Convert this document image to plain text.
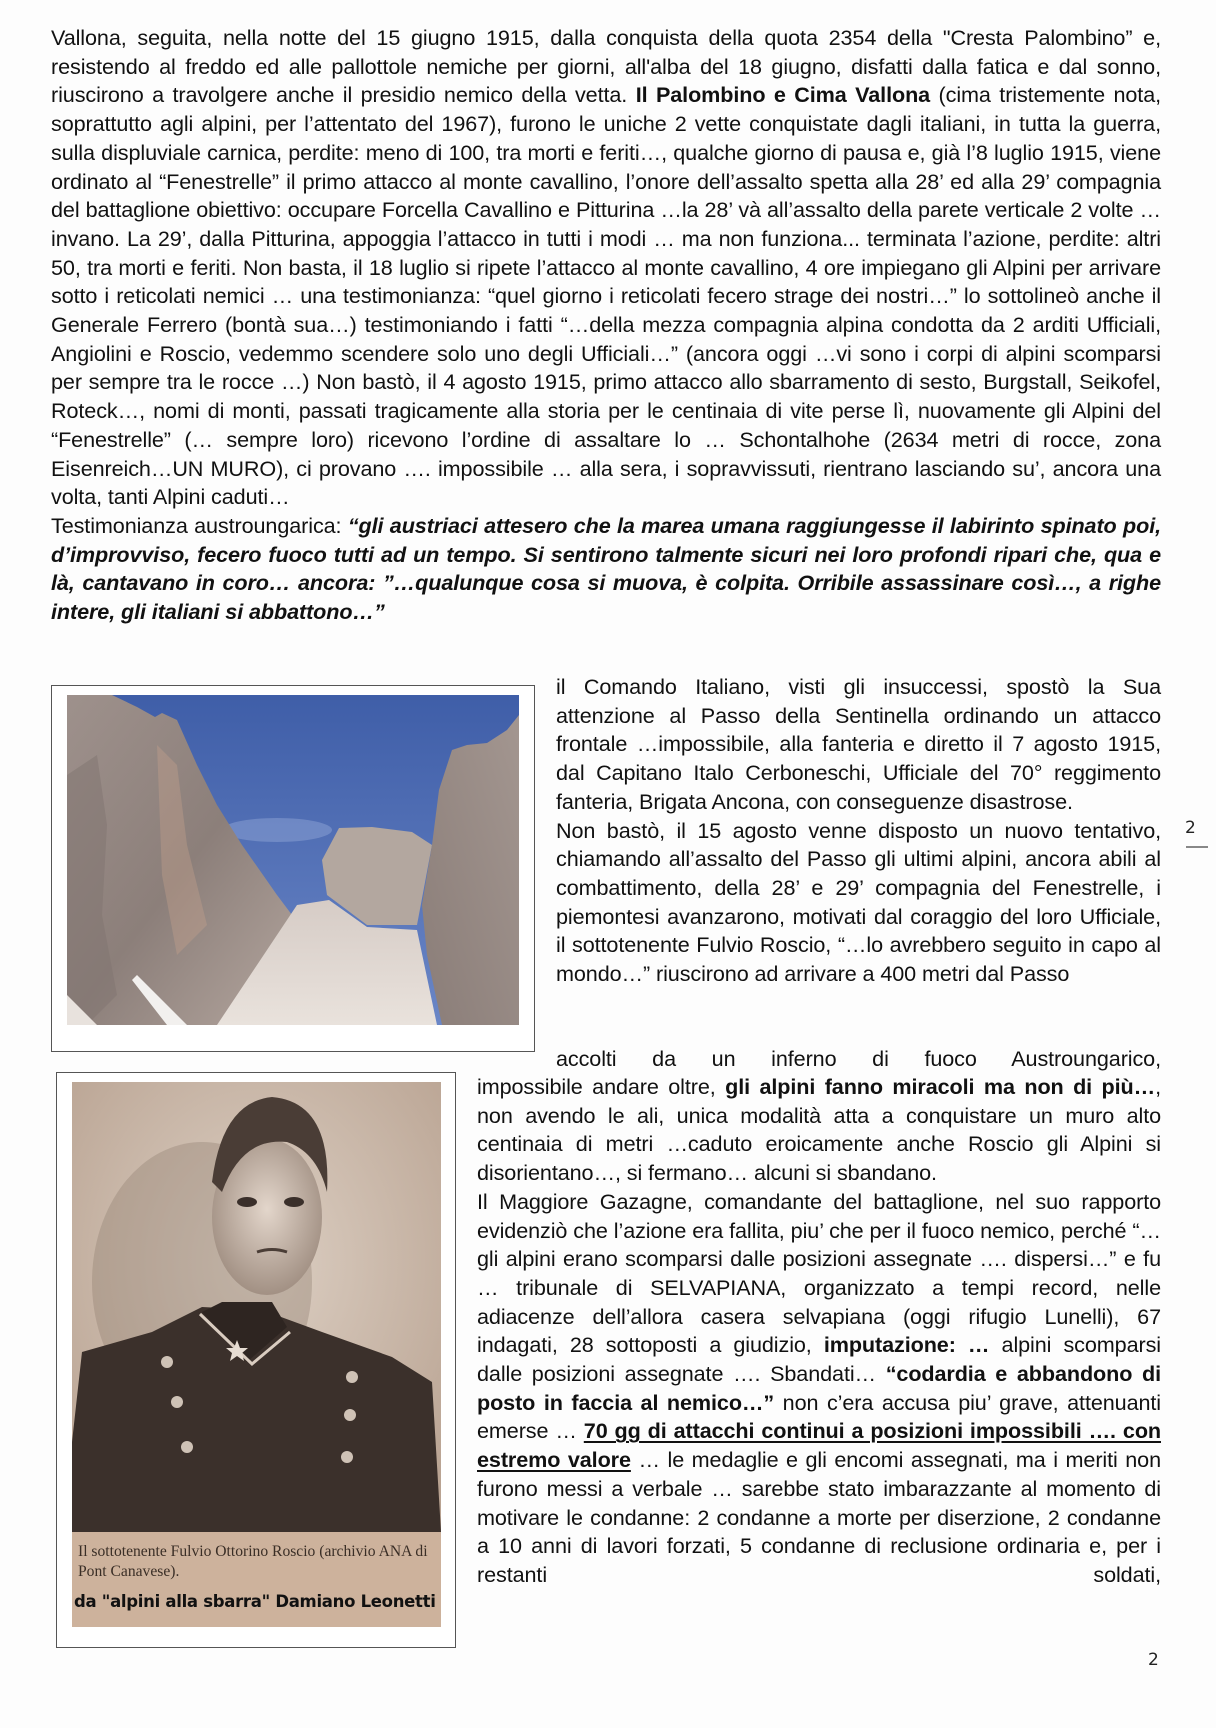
Vallona, seguita, nella notte del 15 giugno 1915, dalla conquista della quota 2354 della "Cresta Palombino” e, resistendo al freddo ed alle pallottole nemiche per giorni, all'alba del 18 giugno, disfatti dalla fatica e dal sonno, riuscirono a travolgere anche il presidio nemico della vetta. Il Palombino e Cima Vallona (cima tristemente nota, soprattutto agli alpini, per l’attentato del 1967), furono le uniche 2 vette conquistate dagli italiani, in tutta la guerra, sulla displuviale carnica, perdite: meno di 100, tra morti e feriti…, qualche giorno di pausa e, già l’8 luglio 1915, viene ordinato al “Fenestrelle” il primo attacco al monte cavallino, l’onore dell’assalto spetta alla 28’ ed alla 29’ compagnia del battaglione obiettivo: occupare Forcella Cavallino e Pitturina …la 28’ và all’assalto della parete verticale 2 volte … invano. La 29’, dalla Pitturina, appoggia l’attacco in tutti i modi … ma non funziona... terminata l’azione, perdite: altri 50, tra morti e feriti. Non basta, il 18 luglio si ripete l’attacco al monte cavallino, 4 ore impiegano gli Alpini per arrivare sotto i reticolati nemici … una testimonianza: “quel giorno i reticolati fecero strage dei nostri…” lo sottolineò anche il Generale Ferrero (bontà sua…) testimoniando i fatti “…della mezza compagnia alpina condotta da 2 arditi Ufficiali, Angiolini e Roscio, vedemmo scendere solo uno degli Ufficiali…” (ancora oggi …vi sono i corpi di alpini scomparsi per sempre tra le rocce …) Non bastò, il 4 agosto 1915, primo attacco allo sbarramento di sesto, Burgstall, Seikofel, Roteck…, nomi di monti, passati tragicamente alla storia per le centinaia di vite perse lì, nuovamente gli Alpini del “Fenestrelle” (… sempre loro) ricevono l’ordine di assaltare lo … Schontalhohe (2634 metri di rocce, zona Eisenreich…UN MURO), ci provano …. impossibile … alla sera, i sopravvissuti, rientrano lasciando su’, ancora una volta, tanti Alpini caduti…

Testimonianza austroungarica: “gli austriaci attesero che la marea umana raggiungesse il labirinto spinato poi, d’improvviso, fecero fuoco tutti ad un tempo. Si sentirono talmente sicuri nei loro profondi ripari che, qua e là, cantavano in coro… ancora: ”…qualunque cosa si muova, è colpita. Orribile assassinare così…, a righe intere, gli italiani si abbattono…”

il Comando Italiano, visti gli insuccessi, spostò la Sua attenzione al Passo della Sentinella ordinando un attacco frontale …impossibile, alla fanteria e diretto il 7 agosto 1915, dal Capitano Italo Cerboneschi, Ufficiale del 70° reggimento fanteria, Brigata Ancona, con conseguenze disastrose.

Non bastò, il 15 agosto venne disposto un nuovo tentativo, chiamando all’assalto del Passo gli ultimi alpini, ancora abili al combattimento, della 28’ e 29’ compagnia del Fenestrelle, i piemontesi avanzarono, motivati dal coraggio del loro Ufficiale, il sottotenente Fulvio Roscio, “…lo avrebbero seguito in capo al mondo…” riuscirono ad arrivare a 400 metri dal Passo

accolti da un inferno di fuoco Austroungarico,
Il sottotenente Fulvio Ottorino Roscio (archivio ANA di Pont Canavese).
da "alpini alla sbarra" Damiano Leonetti

impossibile andare oltre, gli alpini fanno miracoli ma non di più…, non avendo le ali, unica modalità atta a conquistare un muro alto centinaia di metri …caduto eroicamente anche Roscio gli Alpini si disorientano…, si fermano… alcuni si sbandano.

Il Maggiore Gazagne, comandante del battaglione, nel suo rapporto evidenziò che l’azione era fallita, piu’ che per il fuoco nemico, perché “…gli alpini erano scomparsi dalle posizioni assegnate …. dispersi…” e fu … tribunale di SELVAPIANA, organizzato a tempi record, nelle adiacenze dell’allora casera selvapiana (oggi rifugio Lunelli), 67 indagati, 28 sottoposti a giudizio, imputazione: … alpini scomparsi dalle posizioni assegnate …. Sbandati… “codardia e abbandono di posto in faccia al nemico…” non c’era accusa piu’ grave, attenuanti emerse … 70 gg di attacchi continui a posizioni impossibili …. con estremo valore … le medaglie e gli encomi assegnati, ma i meriti non furono messi a verbale … sarebbe stato imbarazzante al momento di motivare le condanne: 2 condanne a morte per diserzione, 2 condanne a 10 anni di lavori forzati, 5 condanne di reclusione ordinaria e, per i restanti soldati,

2
2
